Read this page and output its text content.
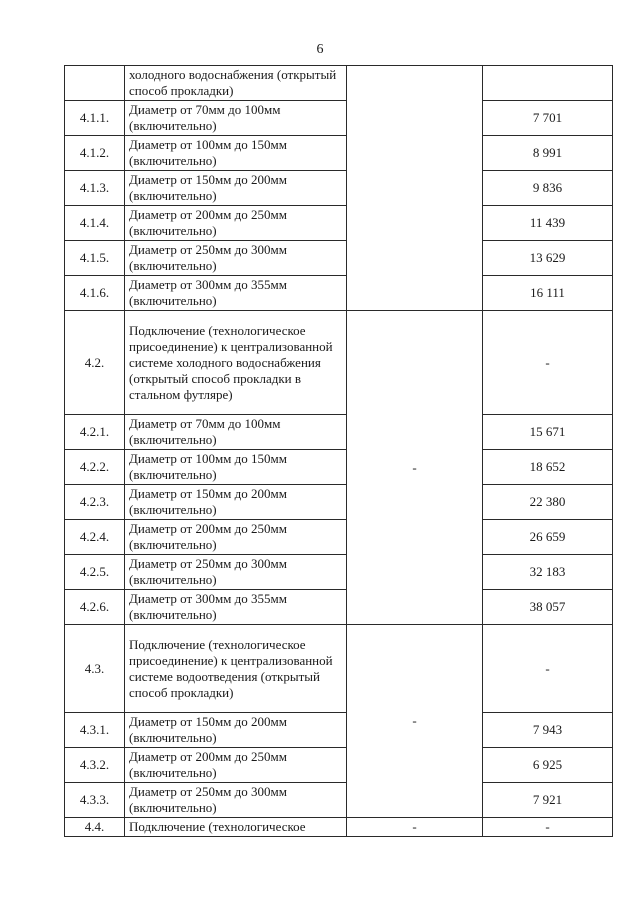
6
	холодного водоснабжения (открытый способ прокладки)		
4.1.1.	Диаметр от 70мм до 100мм (включительно)		7 701
4.1.2.	Диаметр от 100мм до 150мм (включительно)		8 991
4.1.3.	Диаметр от 150мм до 200мм (включительно)		9 836
4.1.4.	Диаметр от 200мм до 250мм (включительно)		11 439
4.1.5.	Диаметр от 250мм до 300мм (включительно)		13 629
4.1.6.	Диаметр от 300мм до 355мм (включительно)		16 111
4.2.	Подключение (технологическое присоединение) к централизованной системе холодного водоснабжения (открытый способ прокладки в стальном футляре)	-	-
4.2.1.	Диаметр от 70мм до 100мм (включительно)		15 671
4.2.2.	Диаметр от 100мм до 150мм (включительно)		18 652
4.2.3.	Диаметр от 150мм до 200мм (включительно)		22 380
4.2.4.	Диаметр от 200мм до 250мм (включительно)		26 659
4.2.5.	Диаметр от 250мм до 300мм (включительно)		32 183
4.2.6.	Диаметр от 300мм до 355мм (включительно)		38 057
4.3.	Подключение (технологическое присоединение) к централизованной системе водоотведения (открытый способ прокладки)	-	-
4.3.1.	Диаметр от 150мм до 200мм (включительно)		7 943
4.3.2.	Диаметр от 200мм до 250мм (включительно)		6 925
4.3.3.	Диаметр от 250мм до 300мм (включительно)		7 921
4.4.	Подключение (технологическое	-	-
